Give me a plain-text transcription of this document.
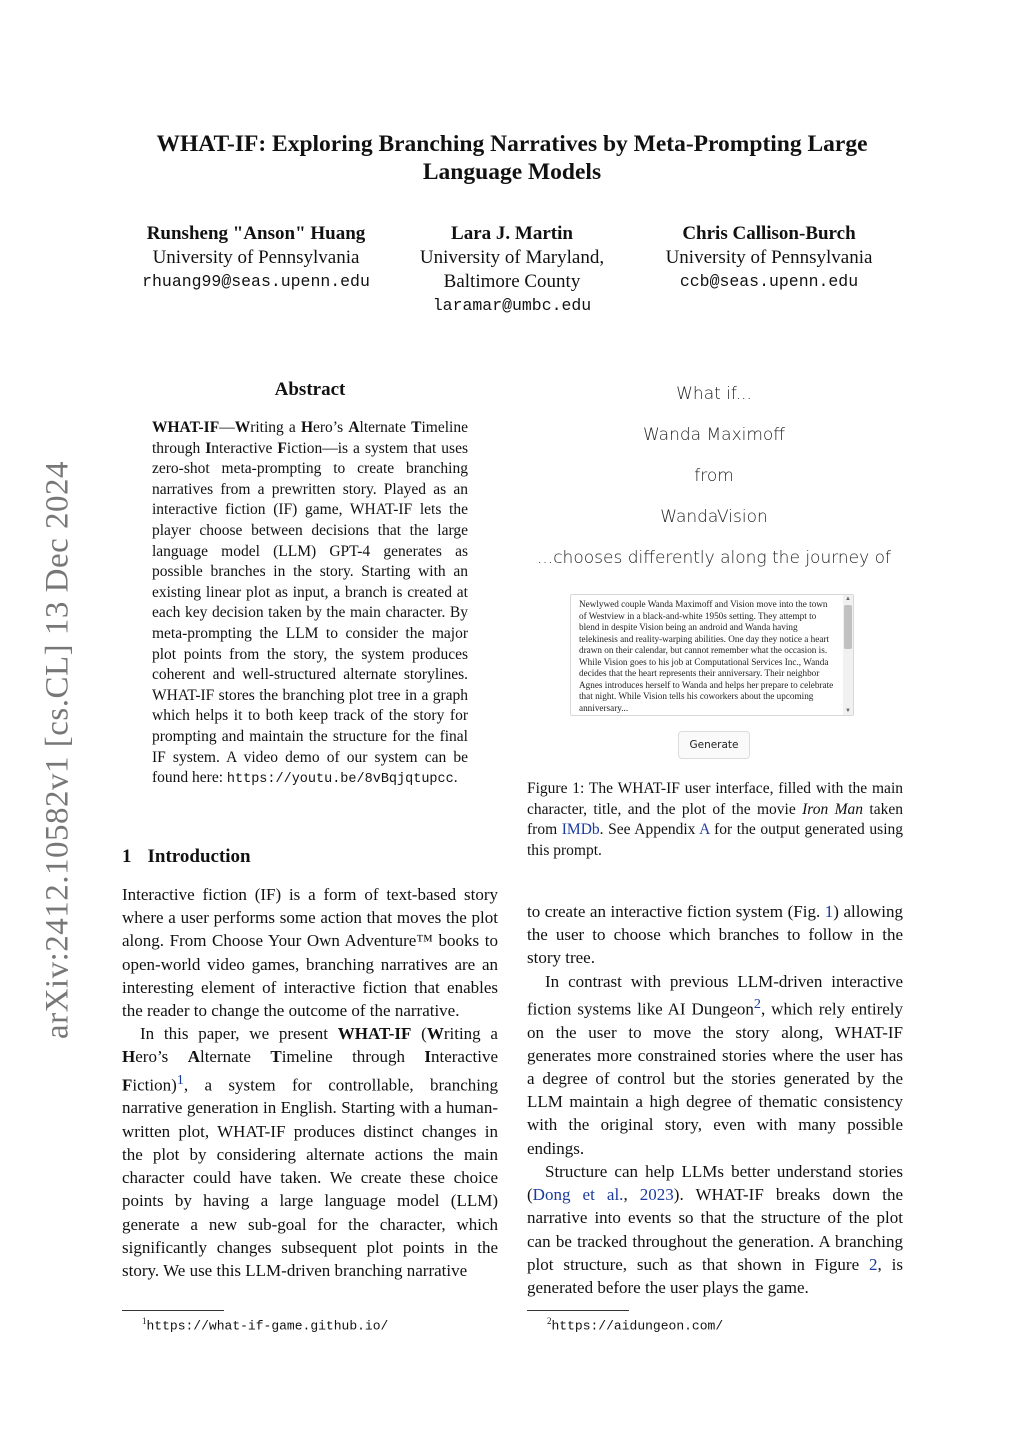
arXiv:2412.10582v1 [cs.CL] 13 Dec 2024
WHAT-IF: Exploring Branching Narratives by Meta-Prompting Large Language Models
Runsheng "Anson" Huang
University of Pennsylvania
rhuang99@seas.upenn.edu
Lara J. Martin
University of Maryland,
Baltimore County
laramar@umbc.edu
Chris Callison-Burch
University of Pennsylvania
ccb@seas.upenn.edu
Abstract
WHAT-IF—Writing a Hero’s Alternate Timeline through Interactive Fiction—is a system that uses zero-shot meta-prompting to create branching narratives from a prewritten story. Played as an interactive fiction (IF) game, WHAT-IF lets the player choose between decisions that the large language model (LLM) GPT-4 generates as possible branches in the story. Starting with an existing linear plot as input, a branch is created at each key decision taken by the main character. By meta-prompting the LLM to consider the major plot points from the story, the system produces coherent and well-structured alternate storylines. WHAT-IF stores the branching plot tree in a graph which helps it to both keep track of the story for prompting and maintain the structure for the final IF system. A video demo of our system can be found here: https://youtu.be/8vBqjqtupcc.
1 Introduction

Interactive fiction (IF) is a form of text-based story where a user performs some action that moves the plot along. From Choose Your Own Adventure™ books to open-world video games, branching narratives are an interesting element of interactive fiction that enables the reader to change the outcome of the narrative.

In this paper, we present WHAT-IF (Writing a Hero’s Alternate Timeline through Interactive Fiction)$^1$, a system for controllable, branching narrative generation in English. Starting with a human-written plot, WHAT-IF produces distinct changes in the plot by considering alternate actions the main character could have taken. We create these choice points by having a large language model (LLM) generate a new sub-goal for the character, which significantly changes subsequent plot points in the story. We use this LLM-driven branching narrative

$^1$https://what-if-game.github.io/
What if...
Wanda Maximoff
from
WandaVision
...chooses differently along the journey of
Newlywed couple Wanda Maximoff and Vision move into the town of Westview in a black-and-white 1950s setting. They attempt to blend in despite Vision being an android and Wanda having telekinesis and reality-warping abilities. One day they notice a heart drawn on their calendar, but cannot remember what the occasion is. While Vision goes to his job at Computational Services Inc., Wanda decides that the heart represents their anniversary. Their neighbor Agnes introduces herself to Wanda and helps her prepare to celebrate that night. While Vision tells his coworkers about the upcoming anniversary...
▲
▼
Generate
Figure 1: The WHAT-IF user interface, filled with the main character, title, and the plot of the movie Iron Man taken from IMDb. See Appendix A for the output generated using this prompt.

to create an interactive fiction system (Fig. 1) allowing the user to choose which branches to follow in the story tree.

In contrast with previous LLM-driven interactive fiction systems like AI Dungeon$^2$, which rely entirely on the user to move the story along, WHAT-IF generates more constrained stories where the user has a degree of control but the stories generated by the LLM maintain a high degree of thematic consistency with the original story, even with many possible endings.

Structure can help LLMs better understand stories (Dong et al., 2023). WHAT-IF breaks down the narrative into events so that the structure of the plot can be tracked throughout the generation. A branching plot structure, such as that shown in Figure 2, is generated before the user plays the game.

$^2$https://aidungeon.com/
